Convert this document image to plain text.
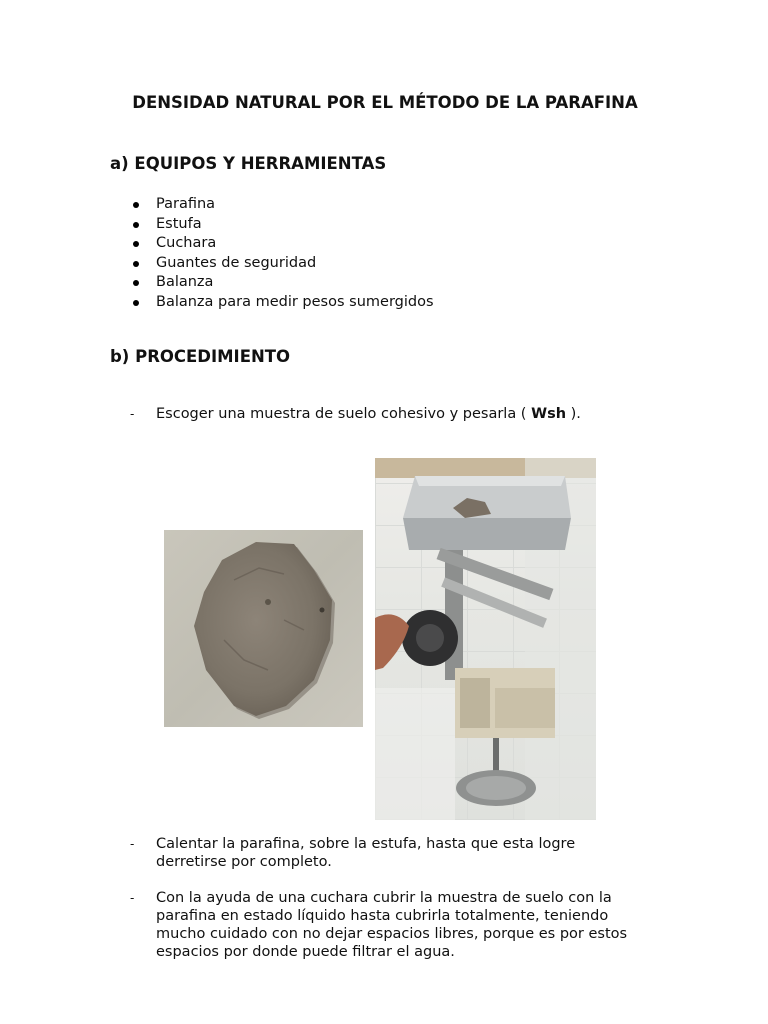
DENSIDAD NATURAL POR EL MÉTODO DE LA PARAFINA
a) EQUIPOS Y HERRAMIENTAS
Parafina
Estufa
Cuchara
Guantes de seguridad
Balanza
Balanza para medir pesos sumergidos
b) PROCEDIMIENTO
- Escoger una muestra de suelo cohesivo y pesarla ( Wsh ).
- Calentar la parafina, sobre la estufa, hasta que esta logre derretirse por completo.
- Con la ayuda de una cuchara cubrir la muestra de suelo con la parafina en estado líquido hasta cubrirla totalmente, teniendo mucho cuidado con no dejar espacios libres, porque es por estos espacios por donde puede filtrar el agua.
